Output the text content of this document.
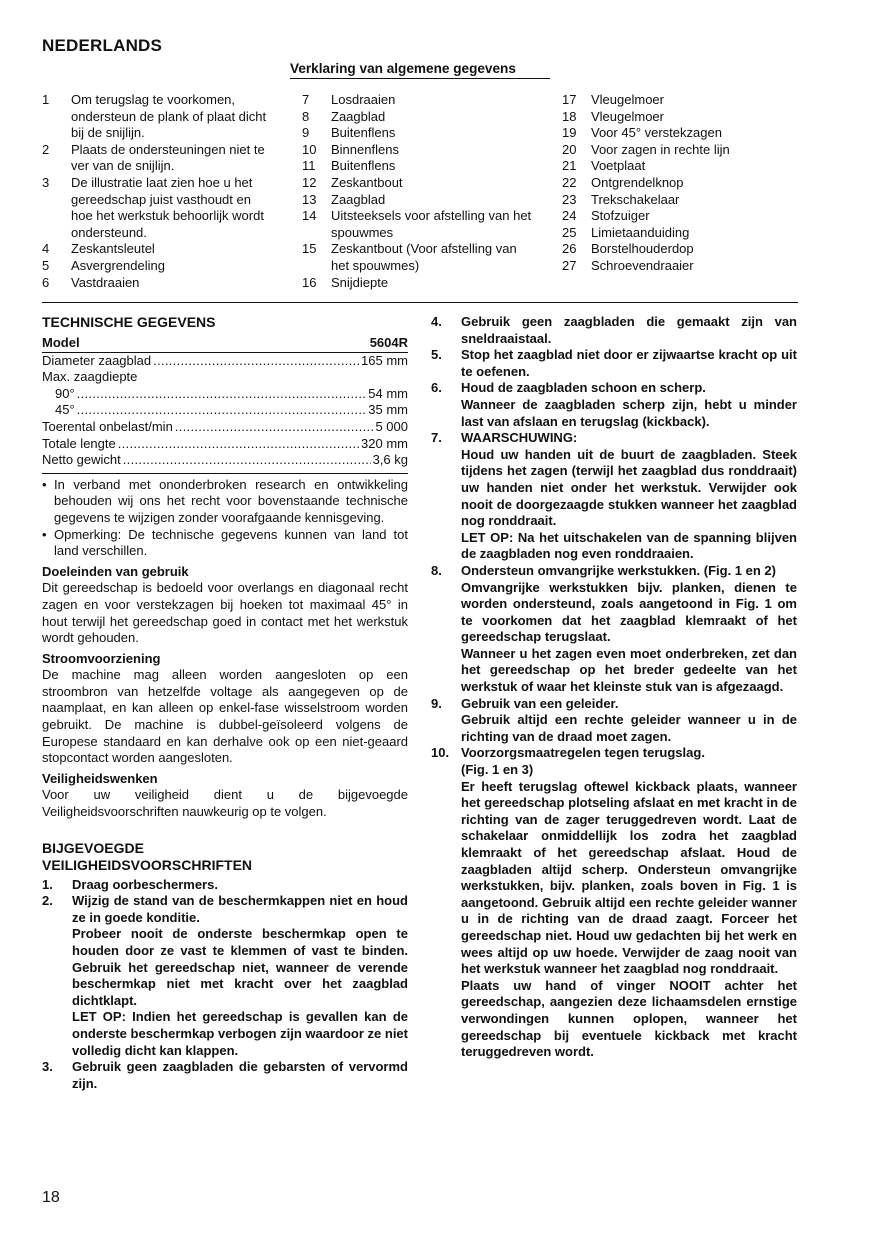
NEDERLANDS
Verklaring van algemene gegevens
1	Om terugslag te voorkomen, ondersteun de plank of plaat dicht bij de snijlijn.
2	Plaats de ondersteuningen niet te ver van de snijlijn.
3	De illustratie laat zien hoe u het gereedschap juist vasthoudt en hoe het werkstuk behoorlijk wordt ondersteund.
4	Zeskantsleutel
5	Asvergrendeling
6	Vastdraaien
7	Losdraaien
8	Zaagblad
9	Buitenflens
10	Binnenflens
11	Buitenflens
12	Zeskantbout
13	Zaagblad
14	Uitsteeksels voor afstelling van het spouwmes
15	Zeskantbout (Voor afstelling van het spouwmes)
16	Snijdiepte
17	Vleugelmoer
18	Vleugelmoer
19	Voor 45° verstekzagen
20	Voor zagen in rechte lijn
21	Voetplaat
22	Ontgrendelknop
23	Trekschakelaar
24	Stofzuiger
25	Limietaanduiding
26	Borstelhouderdop
27	Schroevendraaier
TECHNISCHE GEGEVENS
Model	5604R
Diameter zaagblad .....	165 mm
Max. zaagdiepte
90° .....	54 mm
45° .....	35 mm
Toerental onbelast/min .....	5 000
Totale lengte .....	320 mm
Netto gewicht .....	3,6 kg
• In verband met ononderbroken research en ontwikkeling behouden wij ons het recht voor bovenstaande technische gegevens te wijzigen zonder voorafgaande kennisgeving.
• Opmerking: De technische gegevens kunnen van land tot land verschillen.
Doeleinden van gebruik
Dit gereedschap is bedoeld voor overlangs en diagonaal recht zagen en voor verstekzagen bij hoeken tot maximaal 45° in hout terwijl het gereedschap goed in contact met het werkstuk wordt gehouden.
Stroomvoorziening
De machine mag alleen worden aangesloten op een stroombron van hetzelfde voltage als aangegeven op de naamplaat, en kan alleen op enkel-fase wisselstroom worden gebruikt. De machine is dubbel-geïsoleerd volgens de Europese standaard en kan derhalve ook op een niet-geaard stopcontact worden aangesloten.
Veiligheidswenken
Voor uw veiligheid dient u de bijgevoegde Veiligheidsvoorschriften nauwkeurig op te volgen.
BIJGEVOEGDE
VEILIGHEIDSVOORSCHRIFTEN
1.	Draag oorbeschermers.
2.	Wijzig de stand van de beschermkappen niet en houd ze in goede konditie.
Probeer nooit de onderste beschermkap open te houden door ze vast te klemmen of vast te binden. Gebruik het gereedschap niet, wanneer de verende beschermkap niet met kracht over het zaagblad dichtklapt.
LET OP: Indien het gereedschap is gevallen kan de onderste beschermkap verbogen zijn waardoor ze niet volledig dicht kan klappen.
3.	Gebruik geen zaagbladen die gebarsten of vervormd zijn.
4.	Gebruik geen zaagbladen die gemaakt zijn van sneldraaistaal.
5.	Stop het zaagblad niet door er zijwaartse kracht op uit te oefenen.
6.	Houd de zaagbladen schoon en scherp.
Wanneer de zaagbladen scherp zijn, hebt u minder last van afslaan en terugslag (kickback).
7.	WAARSCHUWING:
Houd uw handen uit de buurt de zaagbladen. Steek tijdens het zagen (terwijl het zaagblad dus ronddraait) uw handen niet onder het werkstuk. Verwijder ook nooit de doorgezaagde stukken wanneer het zaagblad nog ronddraait.
LET OP: Na het uitschakelen van de spanning blijven de zaagbladen nog even ronddraaien.
8.	Ondersteun omvangrijke werkstukken. (Fig. 1 en 2)
Omvangrijke werkstukken bijv. planken, dienen te worden ondersteund, zoals aangetoond in Fig. 1 om te voorkomen dat het zaagblad klemraakt of het gereedschap terugslaat.
Wanneer u het zagen even moet onderbreken, zet dan het gereedschap op het breder gedeelte van het werkstuk of waar het kleinste stuk van is afgezaagd.
9.	Gebruik van een geleider.
Gebruik altijd een rechte geleider wanneer u in de richting van de draad moet zagen.
10. Voorzorgsmaatregelen tegen terugslag.
(Fig. 1 en 3)
Er heeft terugslag oftewel kickback plaats, wanneer het gereedschap plotseling afslaat en met kracht in de richting van de zager teruggedreven wordt. Laat de schakelaar onmiddellijk los zodra het zaagblad klemraakt of het gereedschap afslaat. Houd de zaagbladen altijd scherp. Ondersteun omvangrijke werkstukken, bijv. planken, zoals boven in Fig. 1 is aangetoond. Gebruik altijd een rechte geleider wanner u in de richting van de draad zaagt. Forceer het gereedschap niet. Houd uw gedachten bij het werk en wees altijd op uw hoede. Verwijder de zaag nooit van het werkstuk wanneer het zaagblad nog ronddraait.
Plaats uw hand of vinger NOOIT achter het gereedschap, aangezien deze lichaamsdelen ernstige verwondingen kunnen oplopen, wanneer het gereedschap bij eventuele kickback met kracht teruggedreven wordt.
18
